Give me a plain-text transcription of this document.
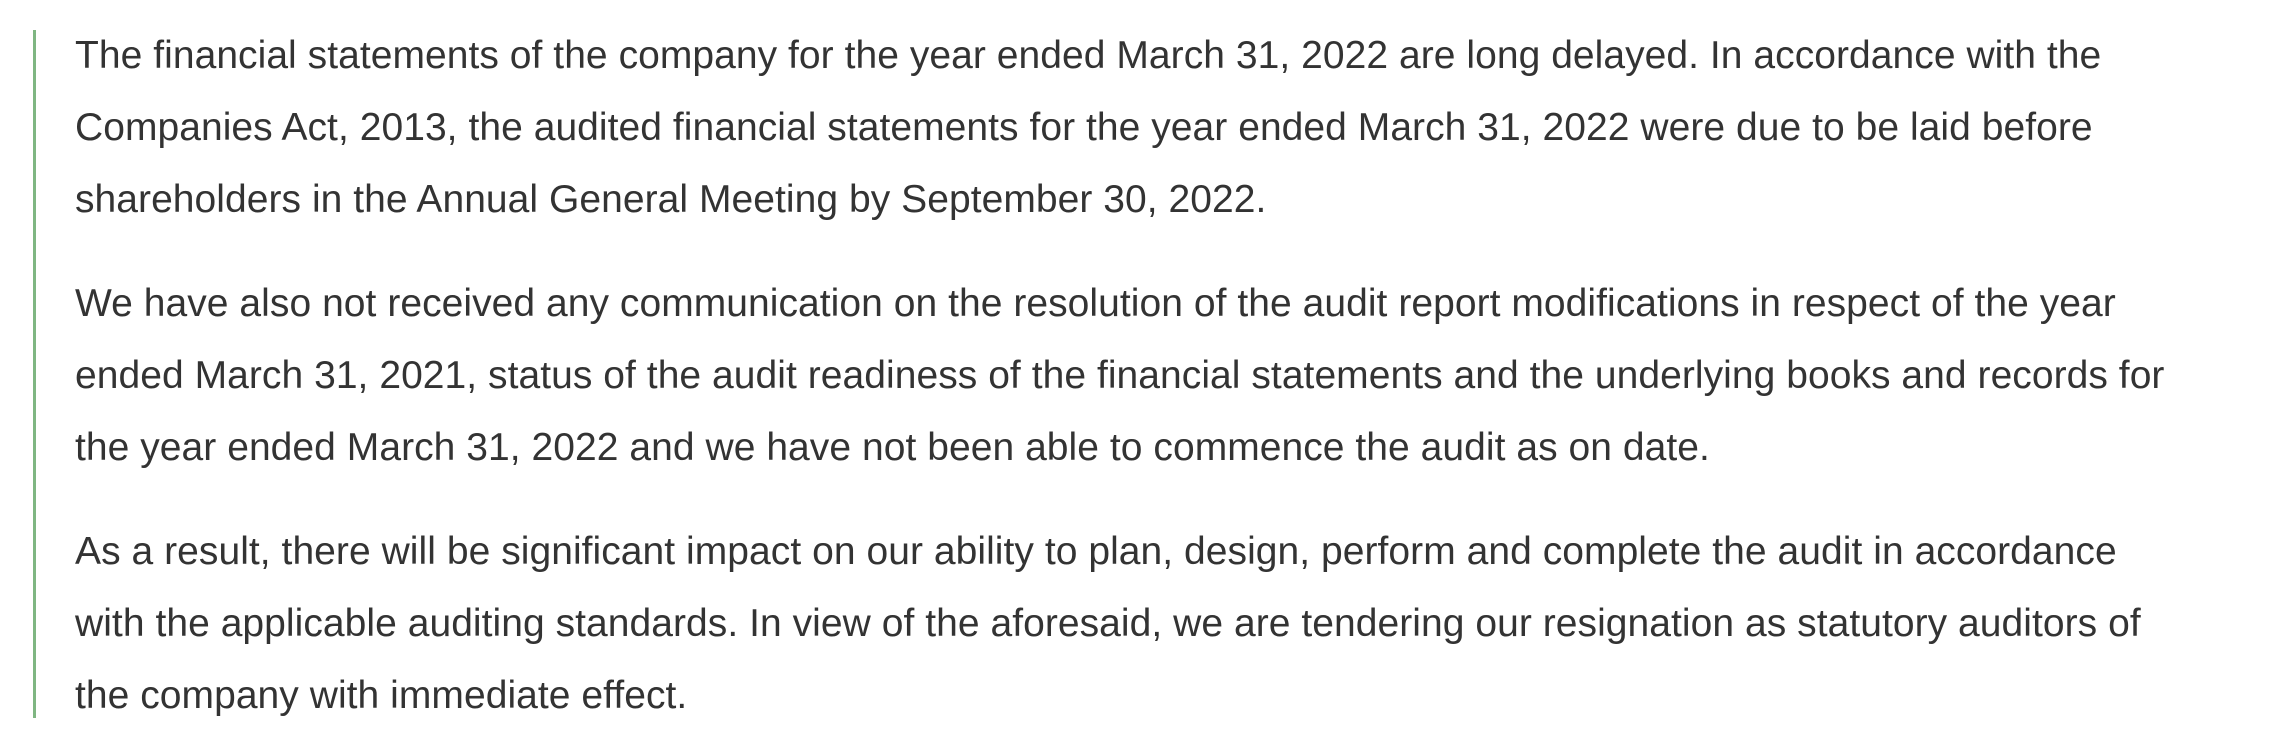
The financial statements of the company for the year ended March 31, 2022 are long delayed. In accordance with the
Companies Act, 2013, the audited financial statements for the year ended March 31, 2022 were due to be laid before
shareholders in the Annual General Meeting by September 30, 2022.

We have also not received any communication on the resolution of the audit report modifications in respect of the year
ended March 31, 2021, status of the audit readiness of the financial statements and the underlying books and records for
the year ended March 31, 2022 and we have not been able to commence the audit as on date.

As a result, there will be significant impact on our ability to plan, design, perform and complete the audit in accordance
with the applicable auditing standards. In view of the aforesaid, we are tendering our resignation as statutory auditors of
the company with immediate effect.
